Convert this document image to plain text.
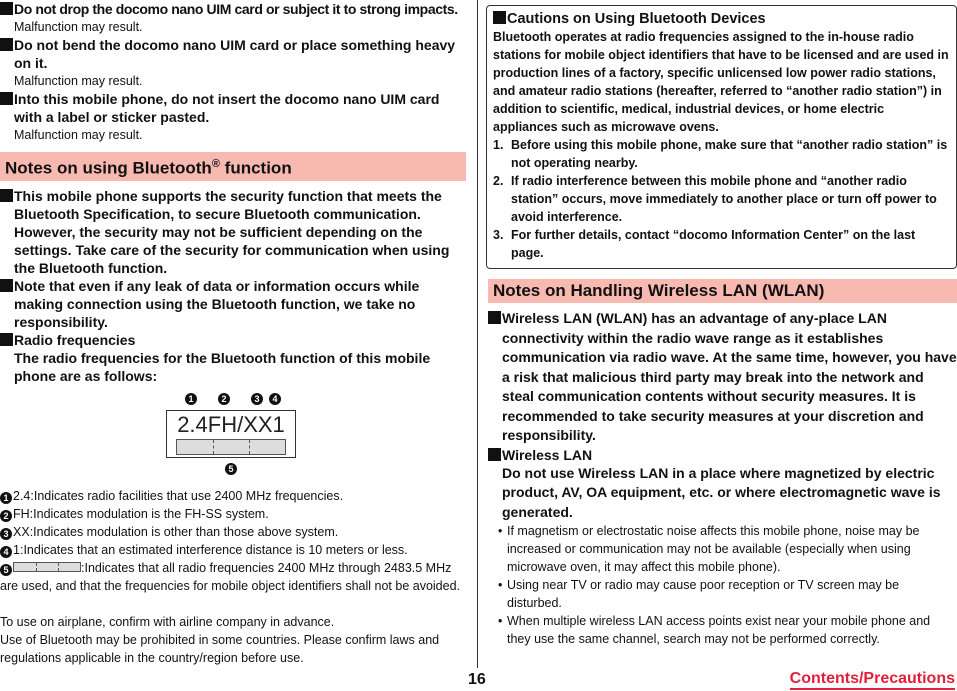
Do not drop the docomo nano UIM card or subject it to strong impacts.
Malfunction may result.
Do not bend the docomo nano UIM card or place something heavy on it.
Malfunction may result.
Into this mobile phone, do not insert the docomo nano UIM card with a label or sticker pasted.
Malfunction may result.
Notes on using Bluetooth® function
This mobile phone supports the security function that meets the Bluetooth Specification, to secure Bluetooth communication. However, the security may not be sufficient depending on the settings. Take care of the security for communication when using the Bluetooth function.
Note that even if any leak of data or information occurs while making connection using the Bluetooth function, we take no responsibility.
Radio frequencies
The radio frequencies for the Bluetooth function of this mobile phone are as follows:
1	2	3	4
2.4FH/XX1
5
1 2.4:Indicates radio facilities that use 2400 MHz frequencies.
2 FH:Indicates modulation is the FH-SS system.
3 XX:Indicates modulation is other than those above system.
4 1:Indicates that an estimated interference distance is 10 meters or less.
5	:Indicates that all radio frequencies 2400 MHz through 2483.5 MHz are used, and that the frequencies for mobile object identifiers shall not be avoided.
To use on airplane, confirm with airline company in advance.
Use of Bluetooth may be prohibited in some countries. Please confirm laws and regulations applicable in the country/region before use.
Cautions on Using Bluetooth Devices
Bluetooth operates at radio frequencies assigned to the in-house radio stations for mobile object identifiers that have to be licensed and are used in production lines of a factory, specific unlicensed low power radio stations, and amateur radio stations (hereafter, referred to “another radio station”) in addition to scientific, medical, industrial devices, or home electric appliances such as microwave ovens.
1. Before using this mobile phone, make sure that “another radio station” is not operating nearby.
2. If radio interference between this mobile phone and “another radio station” occurs, move immediately to another place or turn off power to avoid interference.
3. For further details, contact “docomo Information Center” on the last page.
Notes on Handling Wireless LAN (WLAN)
Wireless LAN (WLAN) has an advantage of any-place LAN connectivity within the radio wave range as it establishes communication via radio wave. At the same time, however, you have a risk that malicious third party may break into the network and steal communication contents without security measures. It is recommended to take security measures at your discretion and responsibility.
Wireless LAN
Do not use Wireless LAN in a place where magnetized by electric product, AV, OA equipment, etc. or where electromagnetic wave is generated.
• If magnetism or electrostatic noise affects this mobile phone, noise may be increased or communication may not be available (especially when using microwave oven, it may affect this mobile phone).
• Using near TV or radio may cause poor reception or TV screen may be disturbed.
• When multiple wireless LAN access points exist near your mobile phone and they use the same channel, search may not be performed correctly.
16	Contents/Precautions
